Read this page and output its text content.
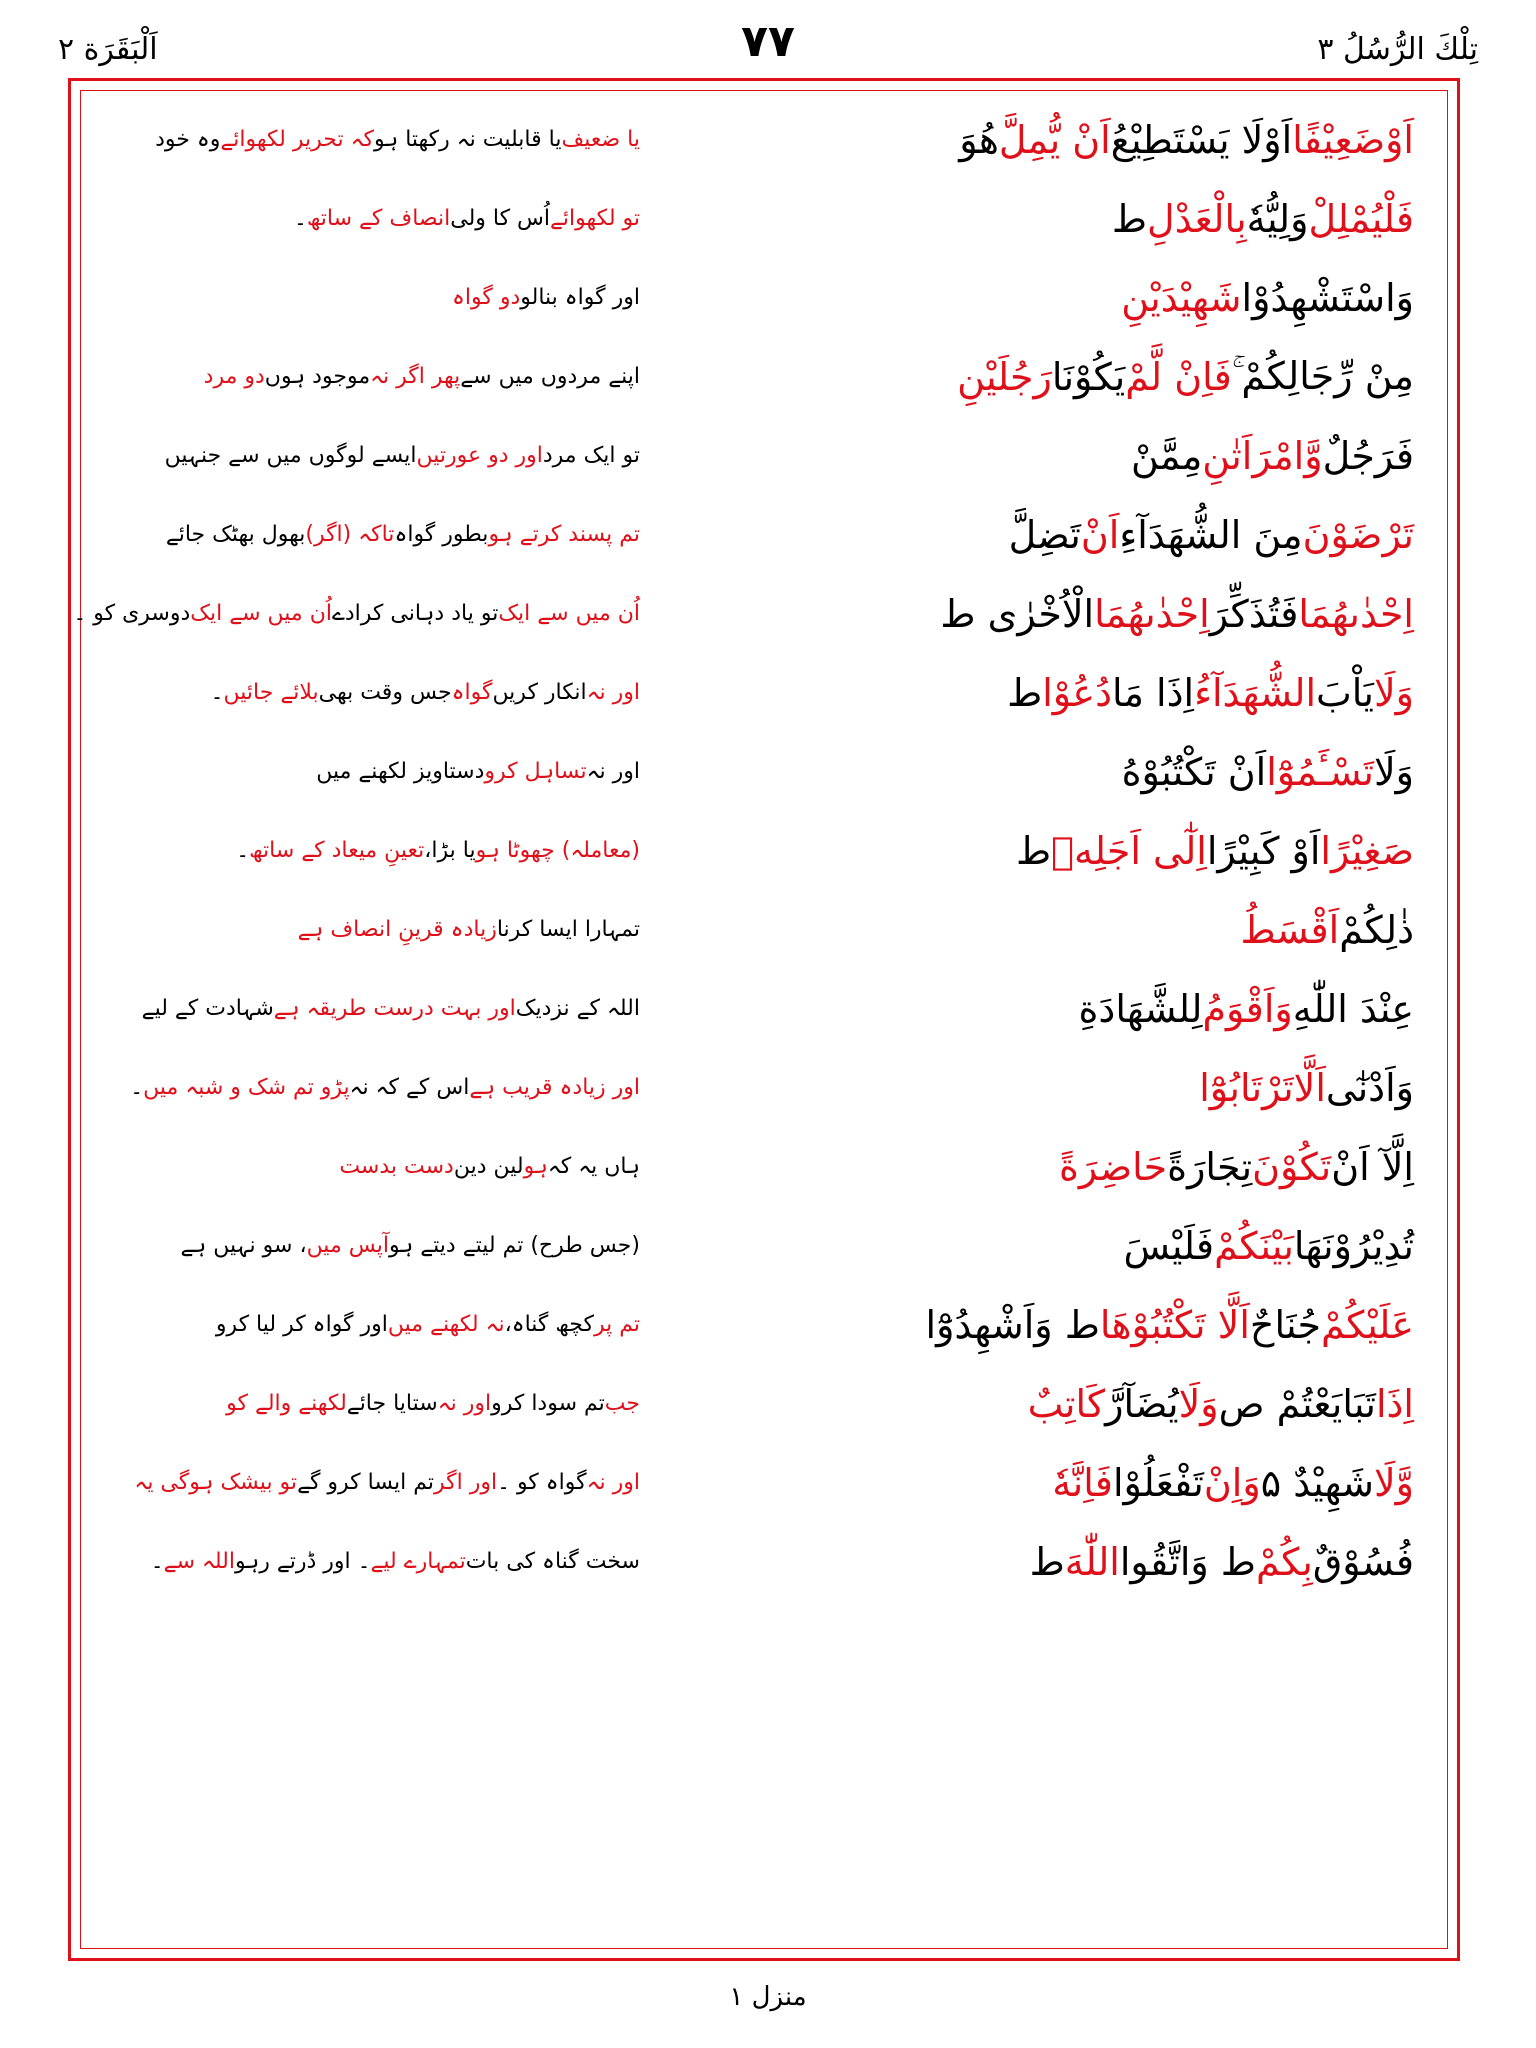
تِلْكَ الرُّسُلُ ٣
٧٧
اَلْبَقَرَة ٢
اَوْضَعِيْفًا
اَوْلَا يَسْتَطِيْعُ
اَنْ يُّمِلَّ
هُوَ
یا ضعیف
یا قابلیت نہ رکھتا ہو
کہ تحریر لکھوائے
وہ خود
فَلْيُمْلِلْ
وَلِيُّهٗ
بِالْعَدْلِ
ط
تو لکھوائے
اُس کا ولی
انصاف کے ساتھ
۔
وَاسْتَشْهِدُوْا
شَهِيْدَيْنِ
اور گواہ بنالو
دو گواہ
مِنْ رِّجَالِكُمْ ۚ
فَاِنْ لَّمْ
يَكُوْنَا
رَجُلَيْنِ
اپنے مردوں میں سے
پھر اگر نہ
موجود ہوں
دو مرد
فَرَجُلٌ
وَّامْرَاَتٰنِ
مِمَّنْ
تو ایک مرد
اور دو عورتیں
ایسے لوگوں میں سے جنہیں
تَرْضَوْنَ
مِنَ الشُّهَدَآءِ
اَنْ
تَضِلَّ
تم پسند کرتے ہو
بطور گواہ
تاکہ (اگر)
بھول بھٹک جائے
اِحْدٰىهُمَا
فَتُذَكِّرَ
اِحْدٰىهُمَا
الْاُخْرٰى ط
اُن میں سے ایک
تو یاد دہانی کرادے
اُن میں سے ایک
دوسری کو ۔
وَلَا
يَاْبَ
الشُّهَدَآءُ
اِذَا مَا
دُعُوْا
ط
اور نہ
انکار کریں
گواہ
جس وقت بھی
بلائے جائیں
۔
وَلَا
تَسْـَٔمُوْٓا
اَنْ تَكْتُبُوْهُ
اور نہ
تساہل کرو
دستاویز لکھنے میں
صَغِيْرًا
اَوْ كَبِيْرًا
اِلٰٓى اَجَلِهٖ
ط
(معاملہ) چھوٹا ہو
یا بڑا،
تعینِ میعاد کے ساتھ
۔
ذٰلِكُمْ
اَقْسَطُ
تمہارا ایسا کرنا
زیادہ قرینِ انصاف ہے
عِنْدَ اللّٰهِ
وَاَقْوَمُ
لِلشَّهَادَةِ
اللہ کے نزدیک
اور بہت درست طریقہ ہے
شہادت کے لیے
وَاَدْنٰٓى
اَلَّا
تَرْتَابُوْٓا
اور زیادہ قریب ہے
اس کے کہ نہ
پڑو تم شک و شبہ میں
۔
اِلَّآ اَنْ
تَكُوْنَ
تِجَارَةً
حَاضِرَةً
ہاں یہ کہ
ہو
لین دین
دست بدست
تُدِيْرُوْنَهَا
بَيْنَكُمْ
فَلَيْسَ
(جس طرح) تم لیتے دیتے ہو
آپس میں
، سو نہیں ہے
عَلَيْكُمْ
جُنَاحٌ
اَلَّا تَكْتُبُوْهَا
ط وَاَشْهِدُوْٓا
تم پر
کچھ گناہ،
نہ لکھنے میں
اور گواہ کر لیا کرو
اِذَا
تَبَايَعْتُمْ ص
وَلَا
يُضَآرَّ
كَاتِبٌ
جب
تم سودا کرو
اور نہ
ستایا جائے
لکھنے والے کو
وَّلَا
شَهِيْدٌ ۵
وَاِنْ
تَفْعَلُوْا
فَاِنَّهٗ
اور نہ
گواہ کو ۔
اور اگر
تم ایسا کرو گے
تو بیشک ہوگی یہ
فُسُوْقٌ
بِكُمْ
ط وَاتَّقُوا
اللّٰهَ
ط
سخت گناہ کی بات
تمہارے لیے
۔ اور ڈرتے رہو
اللہ سے
۔
منزل ١
